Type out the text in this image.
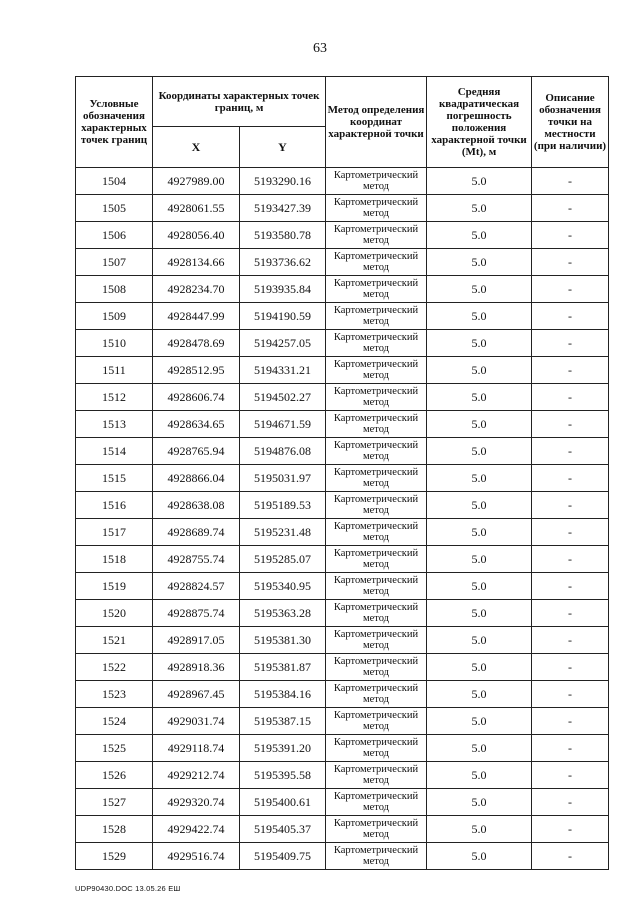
63
Условные обозначения характерных точек границ	Координаты характерных точек границ, м		Метод определения координат характерной точки	Средняя квадратическая погрешность положения характерной точки (Mt), м	Описание обозначения точки на местности (при наличии)
	X	Y			
1504	4927989.00	5193290.16	Картометрический метод	5.0	-
1505	4928061.55	5193427.39	Картометрический метод	5.0	-
1506	4928056.40	5193580.78	Картометрический метод	5.0	-
1507	4928134.66	5193736.62	Картометрический метод	5.0	-
1508	4928234.70	5193935.84	Картометрический метод	5.0	-
1509	4928447.99	5194190.59	Картометрический метод	5.0	-
1510	4928478.69	5194257.05	Картометрический метод	5.0	-
1511	4928512.95	5194331.21	Картометрический метод	5.0	-
1512	4928606.74	5194502.27	Картометрический метод	5.0	-
1513	4928634.65	5194671.59	Картометрический метод	5.0	-
1514	4928765.94	5194876.08	Картометрический метод	5.0	-
1515	4928866.04	5195031.97	Картометрический метод	5.0	-
1516	4928638.08	5195189.53	Картометрический метод	5.0	-
1517	4928689.74	5195231.48	Картометрический метод	5.0	-
1518	4928755.74	5195285.07	Картометрический метод	5.0	-
1519	4928824.57	5195340.95	Картометрический метод	5.0	-
1520	4928875.74	5195363.28	Картометрический метод	5.0	-
1521	4928917.05	5195381.30	Картометрический метод	5.0	-
1522	4928918.36	5195381.87	Картометрический метод	5.0	-
1523	4928967.45	5195384.16	Картометрический метод	5.0	-
1524	4929031.74	5195387.15	Картометрический метод	5.0	-
1525	4929118.74	5195391.20	Картометрический метод	5.0	-
1526	4929212.74	5195395.58	Картометрический метод	5.0	-
1527	4929320.74	5195400.61	Картометрический метод	5.0	-
1528	4929422.74	5195405.37	Картометрический метод	5.0	-
1529	4929516.74	5195409.75	Картометрический метод	5.0	-
UDP90430.DOC 13.05.26 EШ
